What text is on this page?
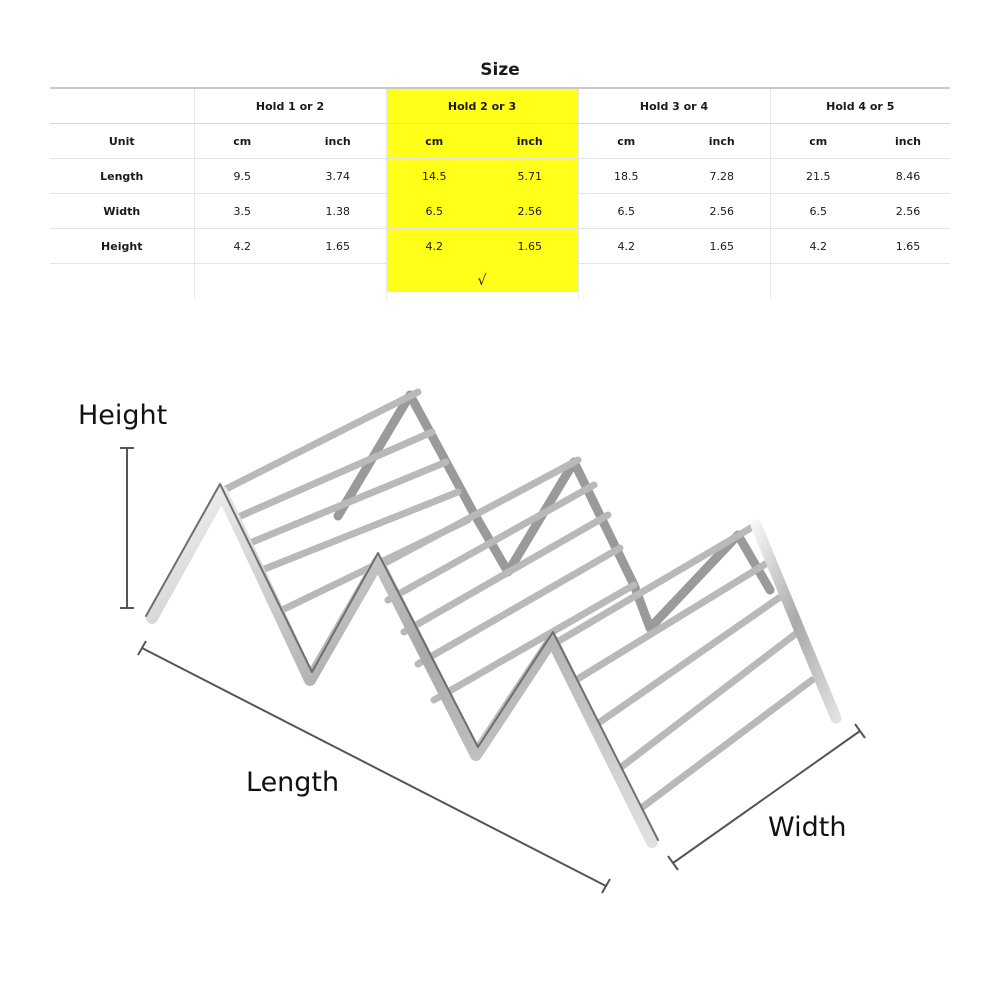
Size
	Hold 1 or 2		Hold 2 or 3		Hold 3 or 4		Hold 4 or 5	
Unit	cm	inch	cm	inch	cm	inch	cm	inch
Length	9.5	3.74	14.5	5.71	18.5	7.28	21.5	8.46
Width	3.5	1.38	6.5	2.56	6.5	2.56	6.5	2.56
Height	4.2	1.65	4.2	1.65	4.2	1.65	4.2	1.65
			√					
Height
Length
Width
